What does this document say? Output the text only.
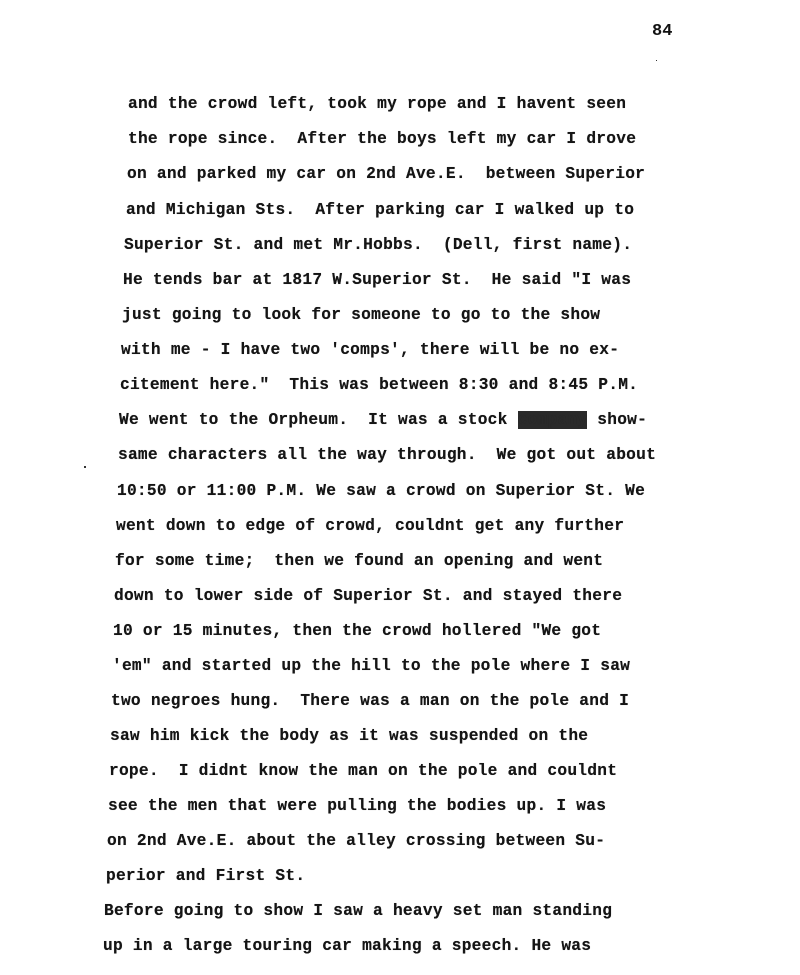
84
and the crowd left, took my rope and I havent seen
the rope since.  After the boys left my car I drove
on and parked my car on 2nd Ave.E.  between Superior
and Michigan Sts.  After parking car I walked up to
Superior St. and met Mr.Hobbs.  (Dell, first name).
He tends bar at 1817 W.Superior St.  He said "I was
just going to look for someone to go to the show
with me - I have two 'comps', there will be no ex-
citement here."  This was between 8:30 and 8:45 P.M.
We went to the Orpheum.  It was a stock company show-
same characters all the way through.  We got out about
10:50 or 11:00 P.M. We saw a crowd on Superior St. We
went down to edge of crowd, couldnt get any further
for some time;  then we found an opening and went
down to lower side of Superior St. and stayed there
10 or 15 minutes, then the crowd hollered "We got
'em" and started up the hill to the pole where I saw
two negroes hung.  There was a man on the pole and I
saw him kick the body as it was suspended on the
rope.  I didnt know the man on the pole and couldnt
see the men that were pulling the bodies up. I was
on 2nd Ave.E. about the alley crossing between Su-
perior and First St.
Before going to show I saw a heavy set man standing
up in a large touring car making a speech. He was
